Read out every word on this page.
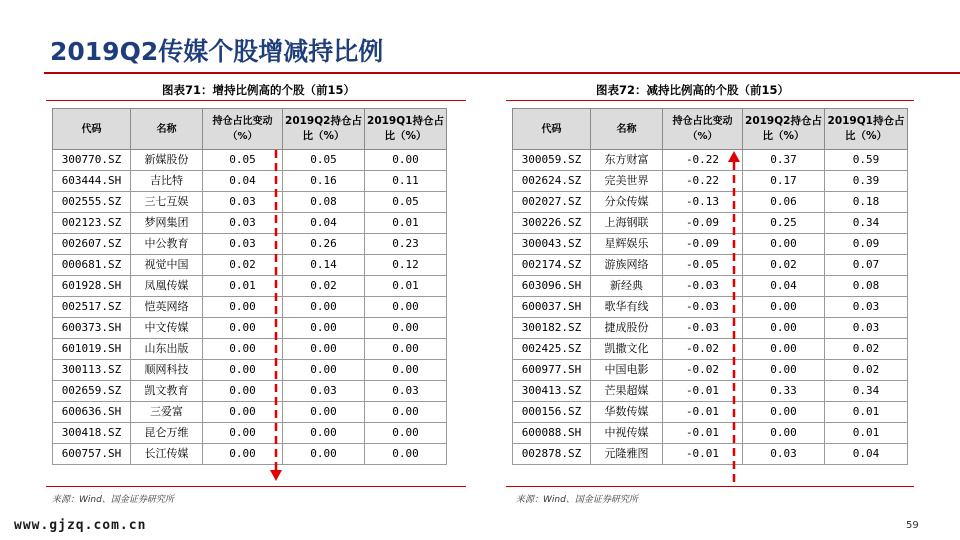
2019Q2传媒个股增减持比例
图表71：增持比例高的个股（前15）
代码	名称	持仓占比变动（%）	2019Q2持仓占比（%）	2019Q1持仓占比（%）
300770.SZ	新媒股份	0.05	0.05	0.00
603444.SH	吉比特	0.04	0.16	0.11
002555.SZ	三七互娱	0.03	0.08	0.05
002123.SZ	梦网集团	0.03	0.04	0.01
002607.SZ	中公教育	0.03	0.26	0.23
000681.SZ	视觉中国	0.02	0.14	0.12
601928.SH	凤凰传媒	0.01	0.02	0.01
002517.SZ	恺英网络	0.00	0.00	0.00
600373.SH	中文传媒	0.00	0.00	0.00
601019.SH	山东出版	0.00	0.00	0.00
300113.SZ	顺网科技	0.00	0.00	0.00
002659.SZ	凯文教育	0.00	0.03	0.03
600636.SH	三爱富	0.00	0.00	0.00
300418.SZ	昆仑万维	0.00	0.00	0.00
600757.SH	长江传媒	0.00	0.00	0.00
来源：Wind、国金证券研究所
图表72：减持比例高的个股（前15）
代码	名称	持仓占比变动（%）	2019Q2持仓占比（%）	2019Q1持仓占比（%）
300059.SZ	东方财富	-0.22	0.37	0.59
002624.SZ	完美世界	-0.22	0.17	0.39
002027.SZ	分众传媒	-0.13	0.06	0.18
300226.SZ	上海钢联	-0.09	0.25	0.34
300043.SZ	星辉娱乐	-0.09	0.00	0.09
002174.SZ	游族网络	-0.05	0.02	0.07
603096.SH	新经典	-0.03	0.04	0.08
600037.SH	歌华有线	-0.03	0.00	0.03
300182.SZ	捷成股份	-0.03	0.00	0.03
002425.SZ	凯撒文化	-0.02	0.00	0.02
600977.SH	中国电影	-0.02	0.00	0.02
300413.SZ	芒果超媒	-0.01	0.33	0.34
000156.SZ	华数传媒	-0.01	0.00	0.01
600088.SH	中视传媒	-0.01	0.00	0.01
002878.SZ	元隆雅图	-0.01	0.03	0.04
来源：Wind、国金证券研究所
www.gjzq.com.cn	59
